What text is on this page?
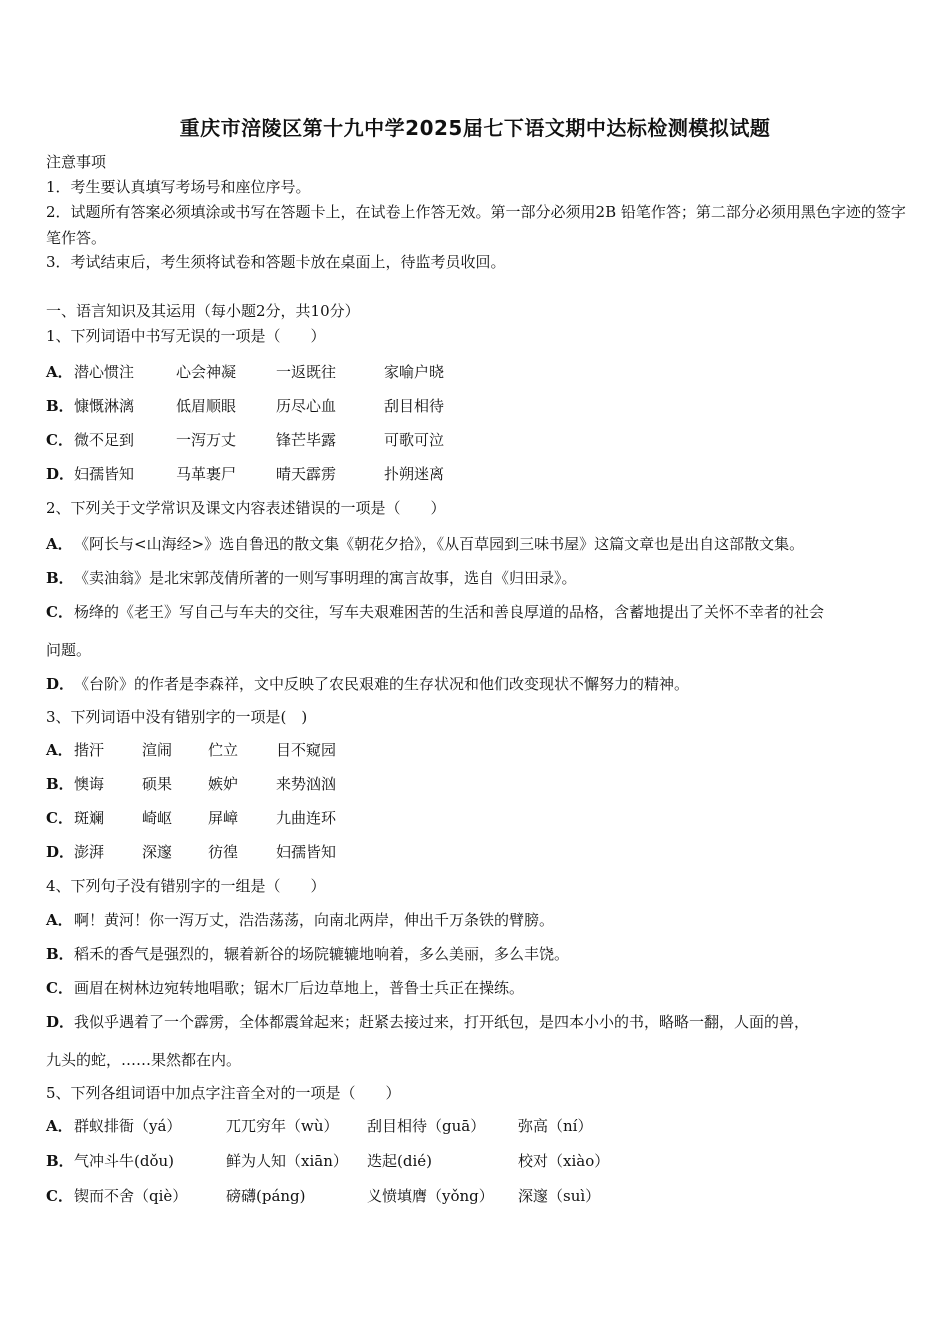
重庆市涪陵区第十九中学2025届七下语文期中达标检测模拟试题
注意事项
1．考生要认真填写考场号和座位序号。
2．试题所有答案必须填涂或书写在答题卡上，在试卷上作答无效。第一部分必须用2B 铅笔作答；第二部分必须用黑色字迹的签字笔作答。
3．考试结束后，考生须将试卷和答题卡放在桌面上，待监考员收回。
一、语言知识及其运用（每小题2分，共10分）
1、下列词语中书写无误的一项是（　　）
A． 潜心惯注	心会神凝	一返既往	家喻户晓
B． 慷慨淋漓	低眉顺眼	历尽心血	刮目相待
C． 微不足到	一泻万丈	锋芒毕露	可歌可泣
D． 妇孺皆知	马革裹尸	晴天霹雳	扑朔迷离
2、下列关于文学常识及课文内容表述错误的一项是（　　）
A． 《阿长与<山海经>》选自鲁迅的散文集《朝花夕拾》，《从百草园到三味书屋》这篇文章也是出自这部散文集。
B． 《卖油翁》是北宋郭茂倩所著的一则写事明理的寓言故事，选自《归田录》。
C． 杨绛的《老王》写自己与车夫的交往，写车夫艰难困苦的生活和善良厚道的品格，含蓄地提出了关怀不幸者的社会
问题。
D． 《台阶》的作者是李森祥，文中反映了农民艰难的生存状况和他们改变现状不懈努力的精神。
3、下列词语中没有错别字的一项是(　)
A． 揩汗	渲闹 伫立	目不窥园
B． 懊诲	硕果 嫉妒	来势汹汹
C． 斑斓	崎岖 屏嶂	九曲连环
D． 澎湃	深邃 彷徨	妇孺皆知
4、下列句子没有错别字的一组是（　　）
A． 啊！黄河！你一泻万丈，浩浩荡荡，向南北两岸，伸出千万条铁的臂膀。
B． 稻禾的香气是强烈的，辗着新谷的场院辘辘地响着，多么美丽，多么丰饶。
C． 画眉在树林边宛转地唱歌；锯木厂后边草地上，普鲁士兵正在操练。
D． 我似乎遇着了一个霹雳，全体都震耸起来；赶紧去接过来，打开纸包，是四本小小的书，略略一翻，人面的兽，
九头的蛇，……果然都在内。
5、下列各组词语中加点字注音全对的一项是（　　）
A． 群蚁排衙（yá）	兀兀穷年（wù） 刮目相待（guā） 弥高（ní）
B． 气冲斗牛(dǒu)	鲜为人知（xiān） 迭起(dié)	校对（xiào）
C． 锲而不舍（qiè）	磅礴(páng)	义愤填膺（yǒng） 深邃（suì）
